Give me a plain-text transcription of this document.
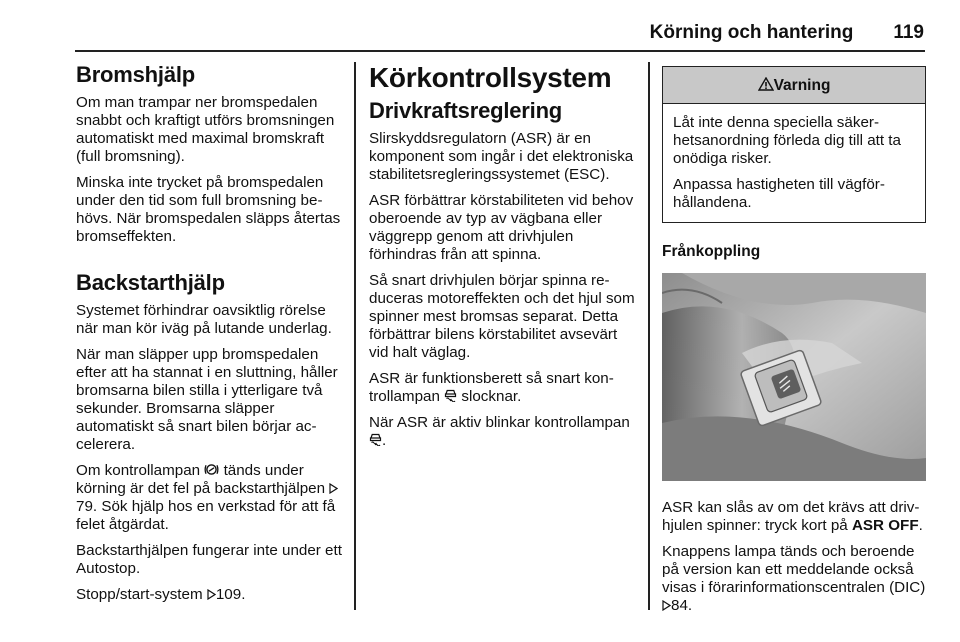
Körning och hantering 119
Bromshjälp

Om man trampar ner bromspedalen snabbt och kraftigt utförs bromsningen automatiskt med maximal bromskraft (full bromsning).

Minska inte trycket på bromspedalen under den tid som full bromsning behövs. När bromspedalen släpps återtas bromseffekten.

Backstarthjälp

Systemet förhindrar oavsiktlig rörelse när man kör iväg på lutande underlag.

När man släpper upp bromspedalen efter att ha stannat i en sluttning, håller bromsarna bilen stilla i ytterligare två sekunder. Bromsarna släpper automatiskt så snart bilen börjar accelerera.

Om kontrollampan tänds under körning är det fel på backstarthjälpen 79. Sök hjälp hos en verkstad för att få felet åtgärdat.

Backstarthjälpen fungerar inte under ett Autostop.

Stopp/start-system 109.

Körkontrollsystem
Drivkraftsreglering

Slirskyddsregulatorn (ASR) är en komponent som ingår i det elektroniska stabilitetsregleringssystemet (ESC).

ASR förbättrar körstabiliteten vid behov oberoende av typ av vägbana eller väggrepp genom att drivhjulen förhindras från att spinna.

Så snart drivhjulen börjar spinna reduceras motoreffekten och det hjul som spinner mest bromsas separat. Detta förbättrar bilens körstabilitet avsevärt vid halt väglag.

ASR är funktionsberett så snart kontrollampan slocknar.

När ASR är aktiv blinkar kontrollampan .

Varning

Låt inte denna speciella säkerhetsanordning förleda dig till att ta onödiga risker.

Anpassa hastigheten till vägförhållandena.

Frånkoppling

ASR kan slås av om det krävs att drivhjulen spinner: tryck kort på ASR OFF.

Knappens lampa tänds och beroende på version kan ett meddelande också visas i förarinformationscentralen (DIC) 84.
